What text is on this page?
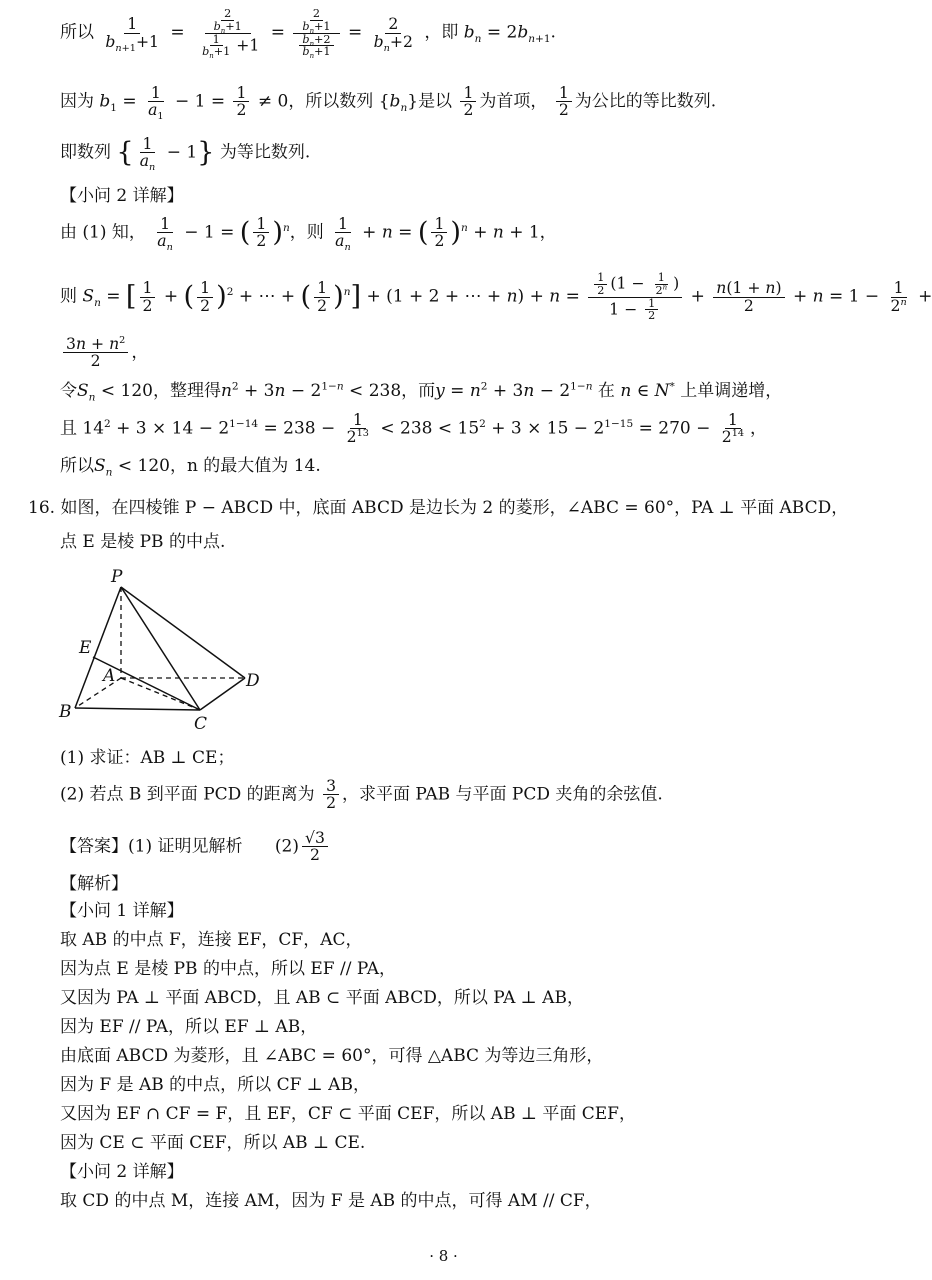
所以 $\frac{1}{b_{n+1}+1} = \frac{\frac{2}{b_n+1}}{\frac{1}{b_n+1} +1} = \frac{\frac{2}{b_n+1}}{\frac{b_n+2}{b_n+1}} = \frac{2}{b_n+2}$ ，即 $b_n = 2b_{n+1}$.
因为 $b_1 = \frac{1}{a_1} - 1 = \frac{1}{2} \ne 0$，所以数列 $\{b_n\}$是以 $\frac{1}{2}$ 为首项， $\frac{1}{2}$ 为公比的等比数列.
即数列 { $\frac{1}{a_n} - 1$} 为等比数列.
【小问 2 详解】
由 (1) 知， $\frac{1}{a_n} - 1$ = ( $\frac{1}{2} )^n$，则 $\frac{1}{a_n} + n$ = ( $\frac{1}{2} )^n + n + 1$，
则 $S_n$ = [ $\frac{1}{2}$ + ( $\frac{1}{2} )^2$ + ⋯ + ( $\frac{1}{2} )^n] + (1 + 2$ + ⋯ + $n) + n = \frac{\frac{1}{2} (1 - \frac{1}{2^n} )}{1 - \frac{1}{2}} + \frac{n(1 + n)}{2} + n = 1 - \frac{1}{2^n}$ +
$\frac{3n + n^2}{2}$ ，
令$S_n < 120$，整理得$n^2 + 3n - 2^{1-n} < 238$，而$y = n^2 + 3n - 2^{1-n}$ 在 n ∈ N* 上单调递增，
且 $14^2 + 3 \times 14 - 2^{1-14} = 238 - \frac{1}{2^{13}} < 238 < 15^2 + 3 \times 15 - 2^{1-15} = 270 - \frac{1}{2^{14}}$ ，
所以$S_n < 120$，n 的最大值为 14.
16. 如图，在四棱锥 P − ABCD 中，底面 ABCD 是边长为 2 的菱形，∠ABC = 60°，PA ⊥ 平面 ABCD，
点 E 是棱 PB 的中点.
P
E
A	D
B
C
(1) 求证：AB ⊥ CE；
(2) 若点 B 到平面 PCD 的距离为 $\frac{3}{2}$ ，求平面 PAB 与平面 PCD 夹角的余弦值.
【答案】(1) 证明见解析 $(2) \frac{√3}{2}$
【解析】
【小问 1 详解】
取 AB 的中点 F，连接 EF，CF，AC，
因为点 E 是棱 PB 的中点，所以 EF // PA，
又因为 PA ⊥ 平面 ABCD，且 AB ⊂ 平面 ABCD，所以 PA ⊥ AB，
因为 EF // PA，所以 EF ⊥ AB，
由底面 ABCD 为菱形，且 ∠ABC = 60°，可得 △ABC 为等边三角形，
因为 F 是 AB 的中点，所以 CF ⊥ AB，
又因为 EF ∩ CF = F，且 EF，CF ⊂ 平面 CEF，所以 AB ⊥ 平面 CEF，
因为 CE ⊂ 平面 CEF，所以 AB ⊥ CE.
【小问 2 详解】
取 CD 的中点 M，连接 AM，因为 F 是 AB 的中点，可得 AM // CF，
· 8 ·
